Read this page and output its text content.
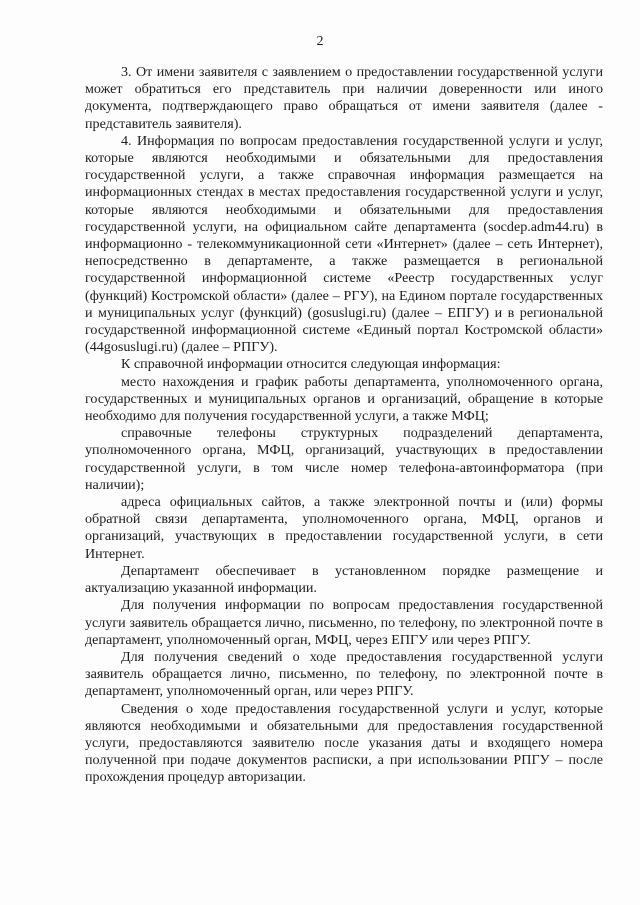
2

3. От имени заявителя с заявлением о предоставлении государственной услуги может обратиться его представитель при наличии доверенности или иного документа, подтверждающего право обращаться от имени заявителя (далее - представитель заявителя).

4. Информация по вопросам предоставления государственной услуги и услуг, которые являются необходимыми и обязательными для предоставления государственной услуги, а также справочная информация размещается на информационных стендах в местах предоставления государственной услуги и услуг, которые являются необходимыми и обязательными для предоставления государственной услуги, на официальном сайте департамента (socdep.adm44.ru) в информационно - телекоммуникационной сети «Интернет» (далее – сеть Интернет), непосредственно в департаменте, а также размещается в региональной государственной информационной системе «Реестр государственных услуг (функций) Костромской области» (далее – РГУ), на Едином портале государственных и муниципальных услуг (функций) (gosuslugi.ru) (далее – ЕПГУ) и в региональной государственной информационной системе «Единый портал Костромской области» (44gosuslugi.ru) (далее – РПГУ).

К справочной информации относится следующая информация:

место нахождения и график работы департамента, уполномоченного органа, государственных и муниципальных органов и организаций, обращение в которые необходимо для получения государственной услуги, а также МФЦ;

справочные телефоны структурных подразделений департамента, уполномоченного органа, МФЦ, организаций, участвующих в предоставлении государственной услуги, в том числе номер телефона-автоинформатора (при наличии);

адреса официальных сайтов, а также электронной почты и (или) формы обратной связи департамента, уполномоченного органа, МФЦ, органов и организаций, участвующих в предоставлении государственной услуги, в сети Интернет.

Департамент обеспечивает в установленном порядке размещение и актуализацию указанной информации.

Для получения информации по вопросам предоставления государственной услуги заявитель обращается лично, письменно, по телефону, по электронной почте в департамент, уполномоченный орган, МФЦ, через ЕПГУ или через РПГУ.

Для получения сведений о ходе предоставления государственной услуги заявитель обращается лично, письменно, по телефону, по электронной почте в департамент, уполномоченный орган, или через РПГУ.

Сведения о ходе предоставления государственной услуги и услуг, которые являются необходимыми и обязательными для предоставления государственной услуги, предоставляются заявителю после указания даты и входящего номера полученной при подаче документов расписки, а при использовании РПГУ – после прохождения процедур авторизации.
